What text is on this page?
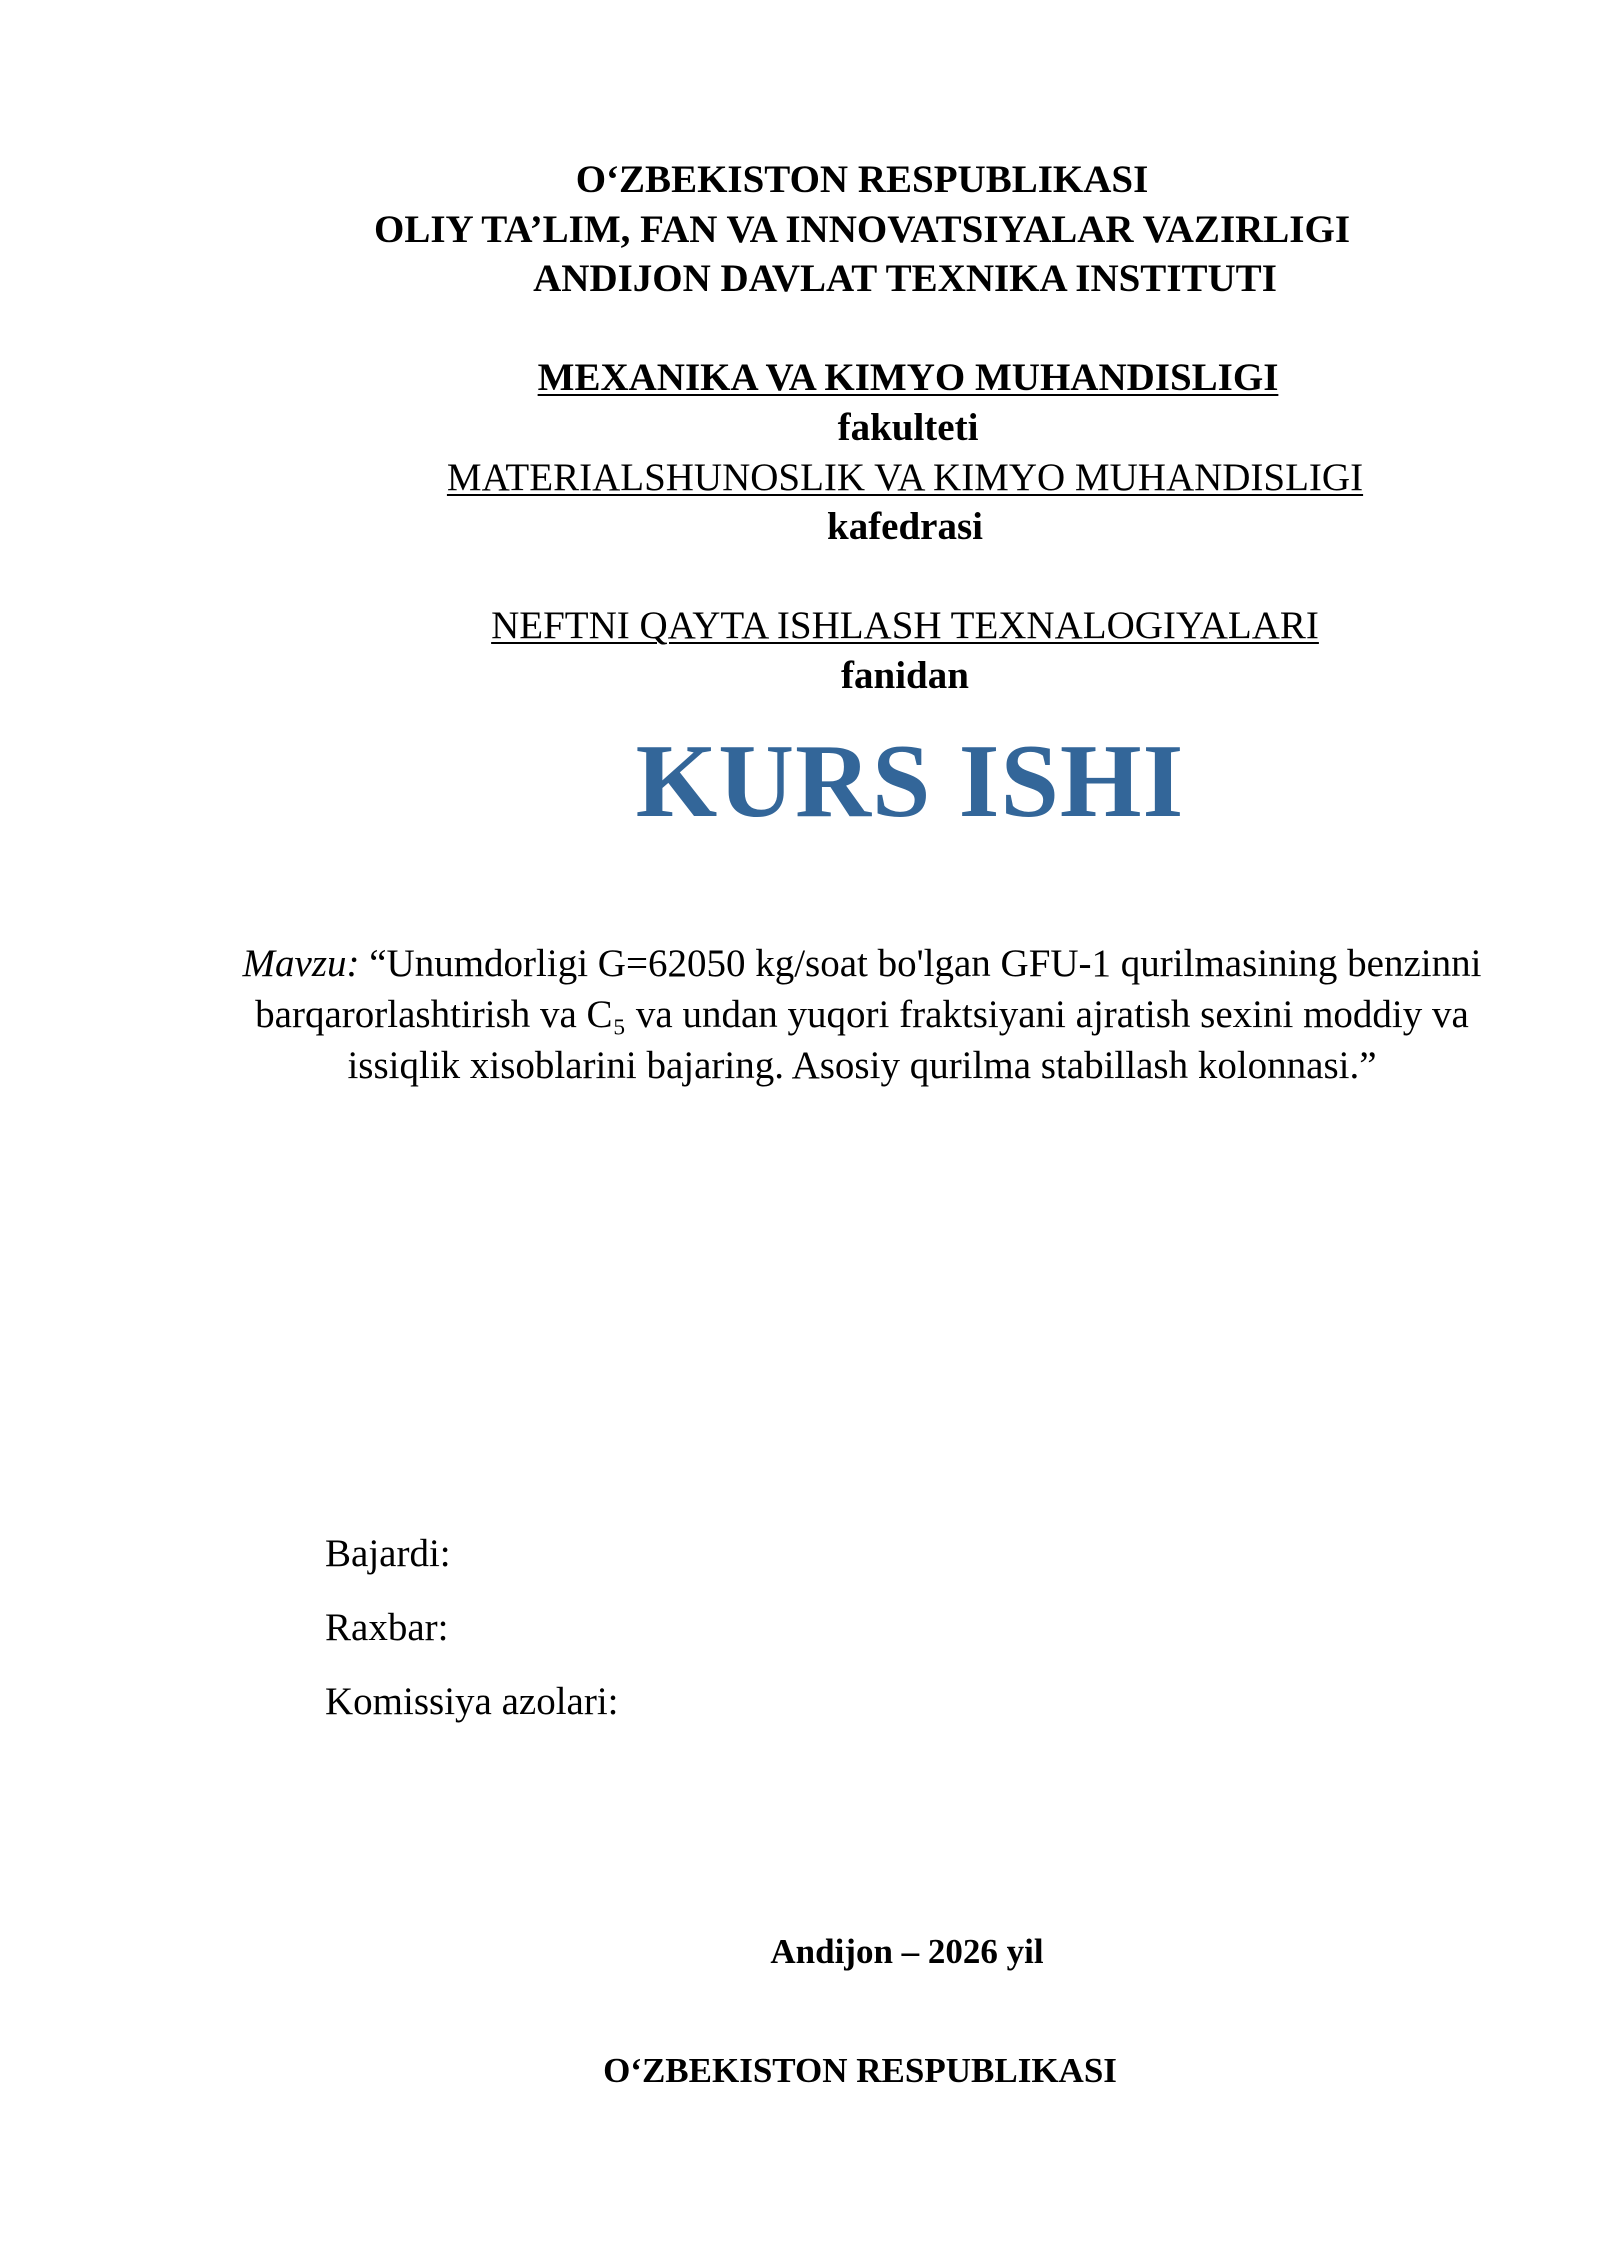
O‘ZBEKISTON RESPUBLIKASI
OLIY TA’LIM, FAN VA INNOVATSIYALAR VAZIRLIGI
ANDIJON DAVLAT TEXNIKA INSTITUTI
MEXANIKA VA KIMYO MUHANDISLIGI
fakulteti
MATERIALSHUNOSLIK VA KIMYO MUHANDISLIGI
kafedrasi
NEFTNI QAYTA ISHLASH TEXNALOGIYALARI
fanidan
KURS ISHI
Mavzu: “Unumdorligi G=62050 kg/soat bo'lgan GFU-1 qurilmasining benzinni barqarorlashtirish va C₅ va undan yuqori fraktsiyani ajratish sexini moddiy va issiqlik xisoblarini bajaring. Asosiy qurilma stabillash kolonnasi.”
Bajardi:
Raxbar:
Komissiya azolari:
Andijon – 2026 yil
O‘ZBEKISTON RESPUBLIKASI
